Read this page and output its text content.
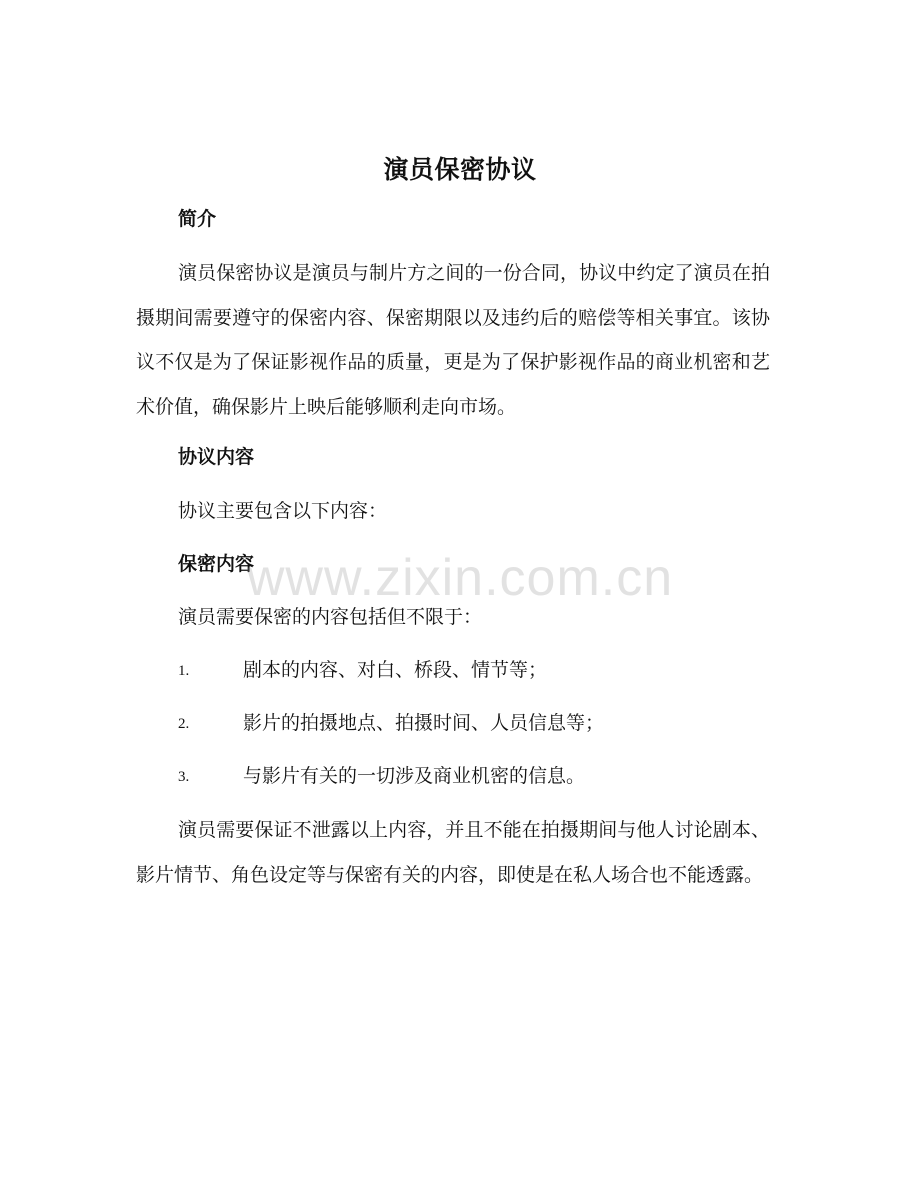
演员保密协议
简介

演员保密协议是演员与制片方之间的一份合同，协议中约定了演员在拍摄期间需要遵守的保密内容、保密期限以及违约后的赔偿等相关事宜。该协议不仅是为了保证影视作品的质量，更是为了保护影视作品的商业机密和艺术价值，确保影片上映后能够顺利走向市场。

协议内容
协议主要包含以下内容：
保密内容
演员需要保密的内容包括但不限于：
1.	剧本的内容、对白、桥段、情节等；
2.	影片的拍摄地点、拍摄时间、人员信息等；
3.	与影片有关的一切涉及商业机密的信息。

演员需要保证不泄露以上内容，并且不能在拍摄期间与他人讨论剧本、影片情节、角色设定等与保密有关的内容，即使是在私人场合也不能透露。

www.zixin.com.cn
